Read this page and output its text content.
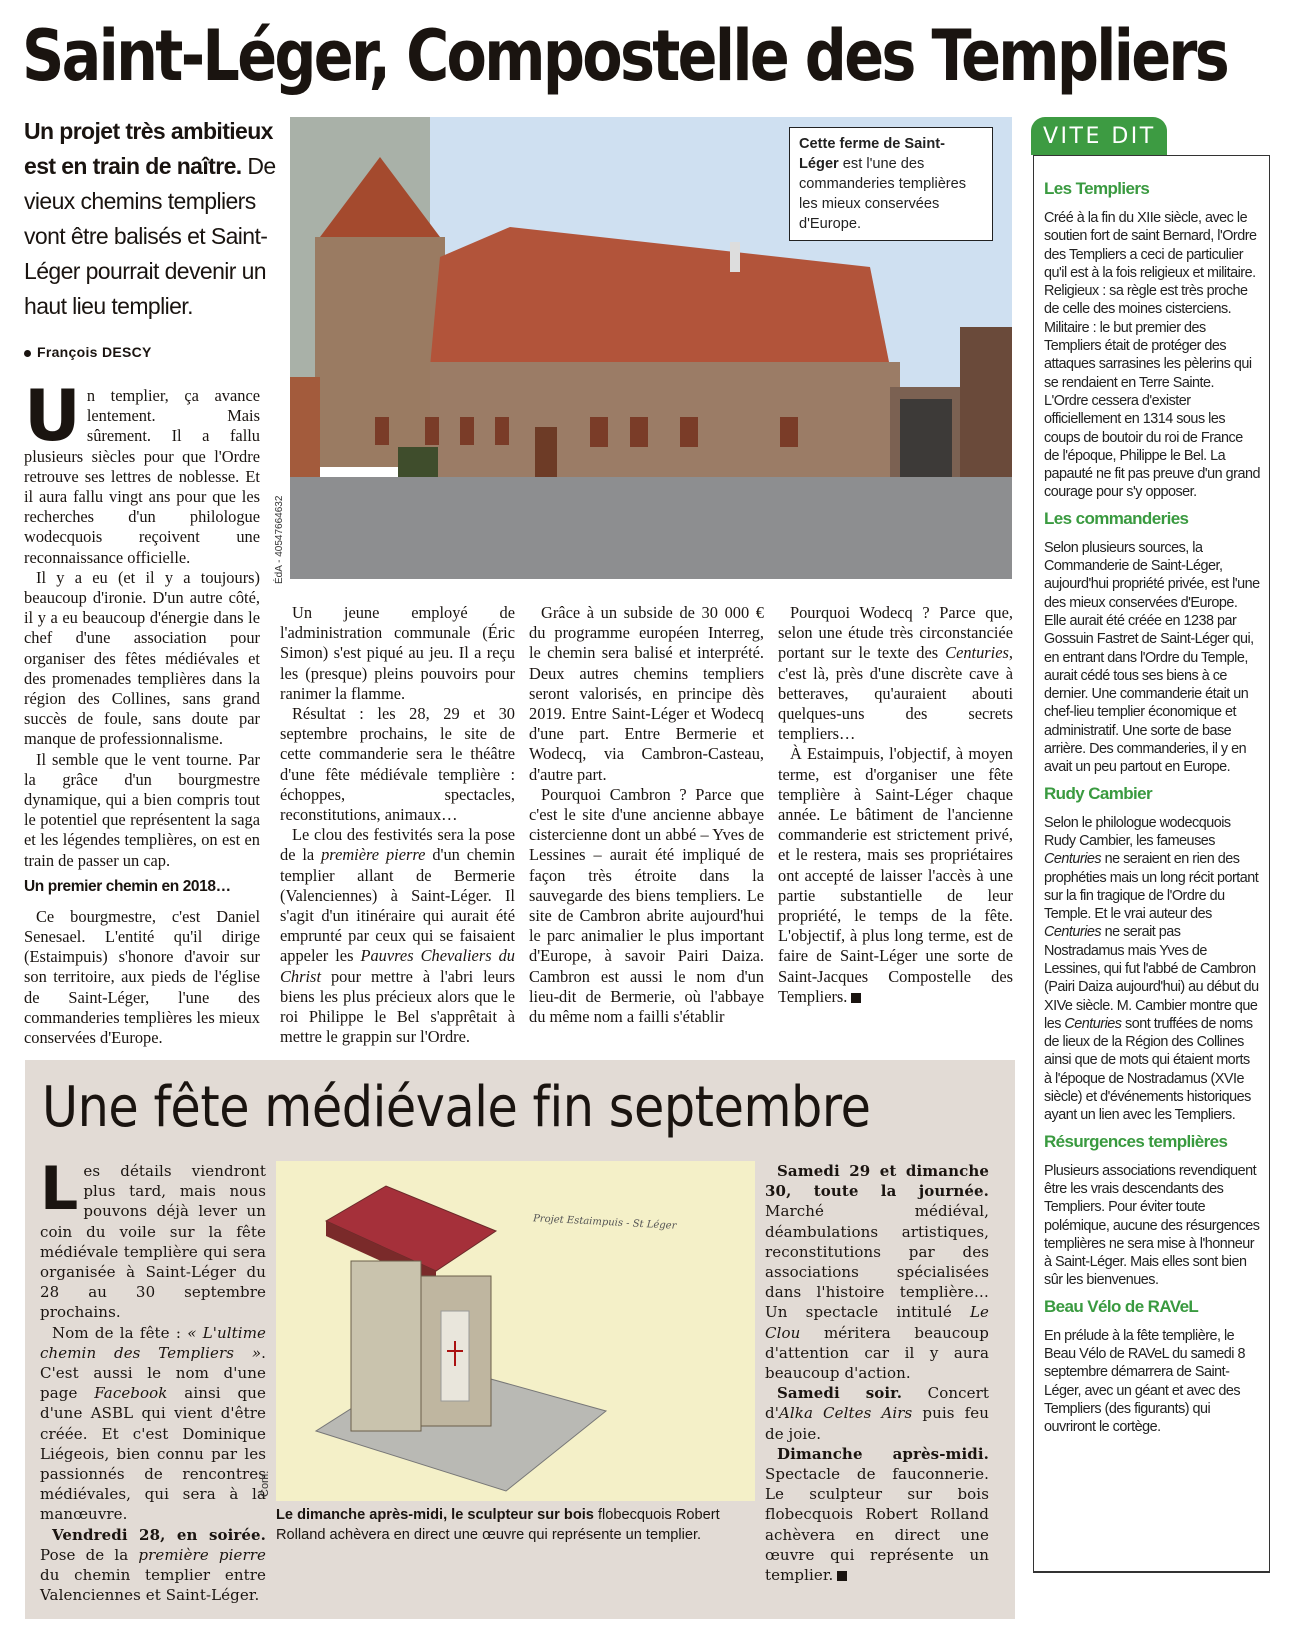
Saint-Léger, Compostelle des Templiers
Un projet très ambitieux est en train de naître. De vieux chemins templiers vont être balisés et Saint-Léger pourrait devenir un haut lieu templier.
François DESCY
ÉdA - 40547664632
Cette ferme de Saint-Léger est l'une des commanderies templières les mieux conservées d'Europe.

Un templier, ça avance lentement. Mais sûrement. Il a fallu plusieurs siècles pour que l'Ordre retrouve ses lettres de noblesse. Et il aura fallu vingt ans pour que les recherches d'un philologue wodecquois reçoivent une reconnaissance officielle.

Il y a eu (et il y a toujours) beaucoup d'ironie. D'un autre côté, il y a eu beaucoup d'énergie dans le chef d'une association pour organiser des fêtes médiévales et des promenades templières dans la région des Collines, sans grand succès de foule, sans doute par manque de professionnalisme.

Il semble que le vent tourne. Par la grâce d'un bourgmestre dynamique, qui a bien compris tout le potentiel que représentent la saga et les légendes templières, on est en train de passer un cap.

Un premier chemin en 2018…

Ce bourgmestre, c'est Daniel Senesael. L'entité qu'il dirige (Estaimpuis) s'honore d'avoir sur son territoire, aux pieds de l'église de Saint-Léger, l'une des commanderies templières les mieux conservées d'Europe.

Un jeune employé de l'administration communale (Éric Simon) s'est piqué au jeu. Il a reçu les (presque) pleins pouvoirs pour ranimer la flamme.

Résultat : les 28, 29 et 30 septembre prochains, le site de cette commanderie sera le théâtre d'une fête médiévale templière : échoppes, spectacles, reconstitutions, animaux…

Le clou des festivités sera la pose de la première pierre d'un chemin templier allant de Bermerie (Valenciennes) à Saint-Léger. Il s'agit d'un itinéraire qui aurait été emprunté par ceux qui se faisaient appeler les Pauvres Chevaliers du Christ pour mettre à l'abri leurs biens les plus précieux alors que le roi Philippe le Bel s'apprêtait à mettre le grappin sur l'Ordre.

Grâce à un subside de 30 000 € du programme européen Interreg, le chemin sera balisé et interprété. Deux autres chemins templiers seront valorisés, en principe dès 2019. Entre Saint-Léger et Wodecq d'une part. Entre Bermerie et Wodecq, via Cambron-Casteau, d'autre part.

Pourquoi Cambron ? Parce que c'est le site d'une ancienne abbaye cistercienne dont un abbé – Yves de Lessines – aurait été impliqué de façon très étroite dans la sauvegarde des biens templiers. Le site de Cambron abrite aujourd'hui le parc animalier le plus important d'Europe, à savoir Pairi Daiza. Cambron est aussi le nom d'un lieu-dit de Bermerie, où l'abbaye du même nom a failli s'établir

Pourquoi Wodecq ? Parce que, selon une étude très circonstanciée portant sur le texte des Centuries, c'est là, près d'une discrète cave à betteraves, qu'auraient abouti quelques-uns des secrets templiers…

À Estaimpuis, l'objectif, à moyen terme, est d'organiser une fête templière à Saint-Léger chaque année. Le bâtiment de l'ancienne commanderie est strictement privé, et le restera, mais ses propriétaires ont accepté de laisser l'accès à une partie substantielle de leur propriété, le temps de la fête. L'objectif, à plus long terme, est de faire de Saint-Léger une sorte de Saint-Jacques Compostelle des Templiers.

VITE DIT
Les Templiers

Créé à la fin du XIIe siècle, avec le soutien fort de saint Bernard, l'Ordre des Templiers a ceci de particulier qu'il est à la fois religieux et militaire. Religieux : sa règle est très proche de celle des moines cisterciens. Militaire : le but premier des Templiers était de protéger des attaques sarrasines les pèlerins qui se rendaient en Terre Sainte. L'Ordre cessera d'exister officiellement en 1314 sous les coups de boutoir du roi de France de l'époque, Philippe le Bel. La papauté ne fit pas preuve d'un grand courage pour s'y opposer.

Les commanderies

Selon plusieurs sources, la Commanderie de Saint-Léger, aujourd'hui propriété privée, est l'une des mieux conservées d'Europe. Elle aurait été créée en 1238 par Gossuin Fastret de Saint-Léger qui, en entrant dans l'Ordre du Temple, aurait cédé tous ses biens à ce dernier. Une commanderie était un chef-lieu templier économique et administratif. Une sorte de base arrière. Des commanderies, il y en avait un peu partout en Europe.

Rudy Cambier

Selon le philologue wodecquois Rudy Cambier, les fameuses Centuries ne seraient en rien des prophéties mais un long récit portant sur la fin tragique de l'Ordre du Temple. Et le vrai auteur des Centuries ne serait pas Nostradamus mais Yves de Lessines, qui fut l'abbé de Cambron (Pairi Daiza aujourd'hui) au début du XIVe siècle. M. Cambier montre que les Centuries sont truffées de noms de lieux de la Région des Collines ainsi que de mots qui étaient morts à l'époque de Nostradamus (XVIe siècle) et d'événements historiques ayant un lien avec les Templiers.

Résurgences templières

Plusieurs associations revendiquent être les vrais descendants des Templiers. Pour éviter toute polémique, aucune des résurgences templières ne sera mise à l'honneur à Saint-Léger. Mais elles sont bien sûr les bienvenues.

Beau Vélo de RAVeL

En prélude à la fête templière, le Beau Vélo de RAVeL du samedi 8 septembre démarrera de Saint-Léger, avec un géant et avec des Templiers (des figurants) qui ouvriront le cortège.

Une fête médiévale fin septembre

Les détails viendront plus tard, mais nous pouvons déjà lever un coin du voile sur la fête médiévale templière qui sera organisée à Saint-Léger du 28 au 30 septembre prochains.

Nom de la fête : « L'ultime chemin des Templiers ». C'est aussi le nom d'une page Facebook ainsi que d'une ASBL qui vient d'être créée. Et c'est Dominique Liégeois, bien connu par les passionnés de rencontres médiévales, qui sera à la manœuvre.

Vendredi 28, en soirée. Pose de la première pierre du chemin templier entre Valenciennes et Saint-Léger.

Com.
Projet Estaimpuis - St Léger
Le dimanche après-midi, le sculpteur sur bois flobecquois Robert Rolland achèvera en direct une œuvre qui représente un templier.

Samedi 29 et dimanche 30, toute la journée. Marché médiéval, déambulations artistiques, reconstitutions par des associations spécialisées dans l'histoire templière… Un spectacle intitulé Le Clou méritera beaucoup d'attention car il y aura beaucoup d'action.

Samedi soir. Concert d'Alka Celtes Airs puis feu de joie.

Dimanche après-midi. Spectacle de fauconnerie. Le sculpteur sur bois flobecquois Robert Rolland achèvera en direct une œuvre qui représente un templier.
